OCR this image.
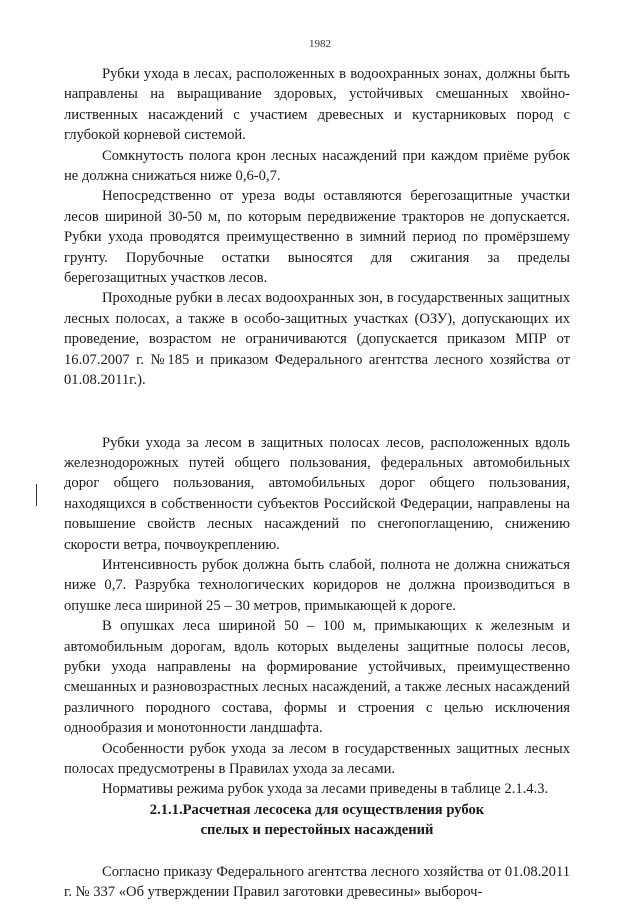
1982

Рубки ухода в лесах, расположенных в водоохранных зонах, должны быть направлены на выращивание здоровых, устойчивых смешанных хвойно-лиственных насаждений с участием древесных и кустарниковых пород с глубокой корневой системой.

Сомкнутость полога крон лесных насаждений при каждом приёме рубок не должна снижаться ниже 0,6-0,7.

Непосредственно от уреза воды оставляются берегозащитные участки лесов шириной 30-50 м, по которым передвижение тракторов не допускается. Рубки ухода проводятся преимущественно в зимний период по промёрзшему грунту. Порубочные остатки выносятся для сжигания за пределы берегозащитных участков лесов.

Проходные рубки в лесах водоохранных зон, в государственных защитных лесных полосах, а также в особо-защитных участках (ОЗУ), допускающих их проведение, возрастом не ограничиваются (допускается приказом МПР от 16.07.2007 г. №185 и приказом Федерального агентства лесного хозяйства от 01.08.2011г.).

Рубки ухода за лесом в защитных полосах лесов, расположенных вдоль железнодорожных путей общего пользования, федеральных автомобильных дорог общего пользования, автомобильных дорог общего пользования, находящихся в собственности субъектов Российской Федерации, направлены на повышение свойств лесных насаждений по снегопоглащению, снижению скорости ветра, почвоукреплению.

Интенсивность рубок должна быть слабой, полнота не должна снижаться ниже 0,7. Разрубка технологических коридоров не должна производиться в опушке леса шириной 25 – 30 метров, примыкающей к дороге.

В опушках леса шириной 50 – 100 м, примыкающих к железным и автомобильным дорогам, вдоль которых выделены защитные полосы лесов, рубки ухода направлены на формирование устойчивых, преимущественно смешанных и разновозрастных лесных насаждений, а также лесных насаждений различного породного состава, формы и строения с целью исключения однообразия и монотонности ландшафта.

Особенности рубок ухода за лесом в государственных защитных лесных полосах предусмотрены в Правилах ухода за лесами.

Нормативы режима рубок ухода за лесами приведены в таблице 2.1.4.3.

2.1.1.Расчетная лесосека для осуществления рубок

спелых и перестойных насаждений

Согласно приказу Федерального агентства лесного хозяйства от 01.08.2011 г. № 337 «Об утверждении Правил заготовки древесины» выбороч-
